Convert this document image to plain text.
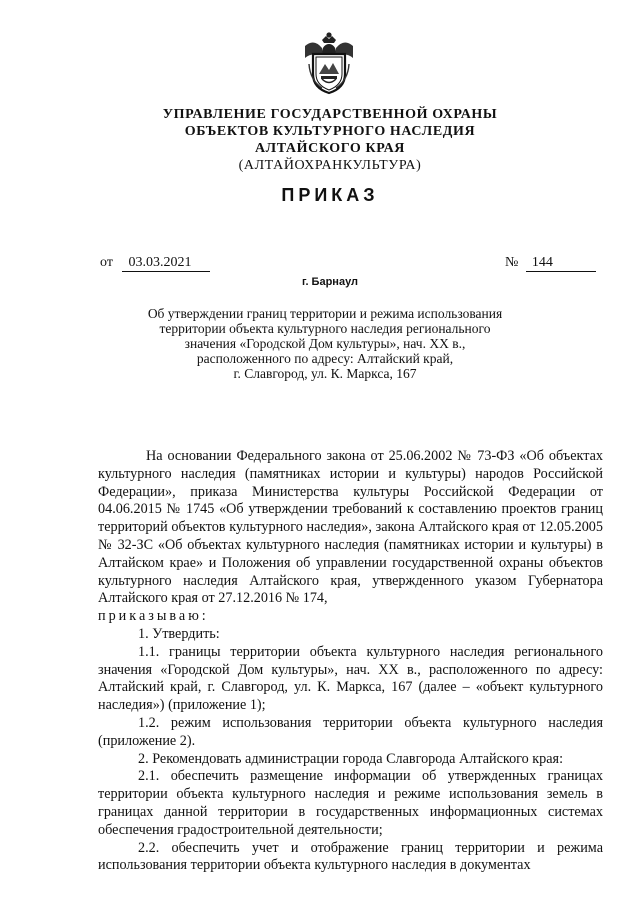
УПРАВЛЕНИЕ ГОСУДАРСТВЕННОЙ ОХРАНЫ
ОБЪЕКТОВ КУЛЬТУРНОГО НАСЛЕДИЯ
АЛТАЙСКОГО КРАЯ
(АЛТАЙОХРАНКУЛЬТУРА)
ПРИКАЗ
от 03.03.2021	№ 144
г. Барнаул
Об утверждении границ территории и режима использования
территории объекта культурного наследия регионального
значения «Городской Дом культуры», нач. XX в.,
расположенного по адресу: Алтайский край,
г. Славгород, ул. К. Маркса, 167

На основании Федерального закона от 25.06.2002 № 73-ФЗ «Об объектах культурного наследия (памятниках истории и культуры) народов Российской Федерации», приказа Министерства культуры Российской Федерации от 04.06.2015 № 1745 «Об утверждении требований к составлению проектов границ территорий объектов культурного наследия», закона Алтайского края от 12.05.2005 № 32-ЗС «Об объектах культурного наследия (памятниках истории и культуры) в Алтайском крае» и Положения об управлении государственной охраны объектов культурного наследия Алтайского края, утвержденного указом Губернатора Алтайского края от 27.12.2016 № 174,

приказываю:

1. Утвердить:

1.1. границы территории объекта культурного наследия регионального значения «Городской Дом культуры», нач. XX в., расположенного по адресу: Алтайский край, г. Славгород, ул. К. Маркса, 167 (далее – «объект культурного наследия») (приложение 1);

1.2. режим использования территории объекта культурного наследия (приложение 2).

2. Рекомендовать администрации города Славгорода Алтайского края:

2.1. обеспечить размещение информации об утвержденных границах территории объекта культурного наследия и режиме использования земель в границах данной территории в государственных информационных системах обеспечения градостроительной деятельности;

2.2. обеспечить учет и отображение границ территории и режима использования территории объекта культурного наследия в документах
